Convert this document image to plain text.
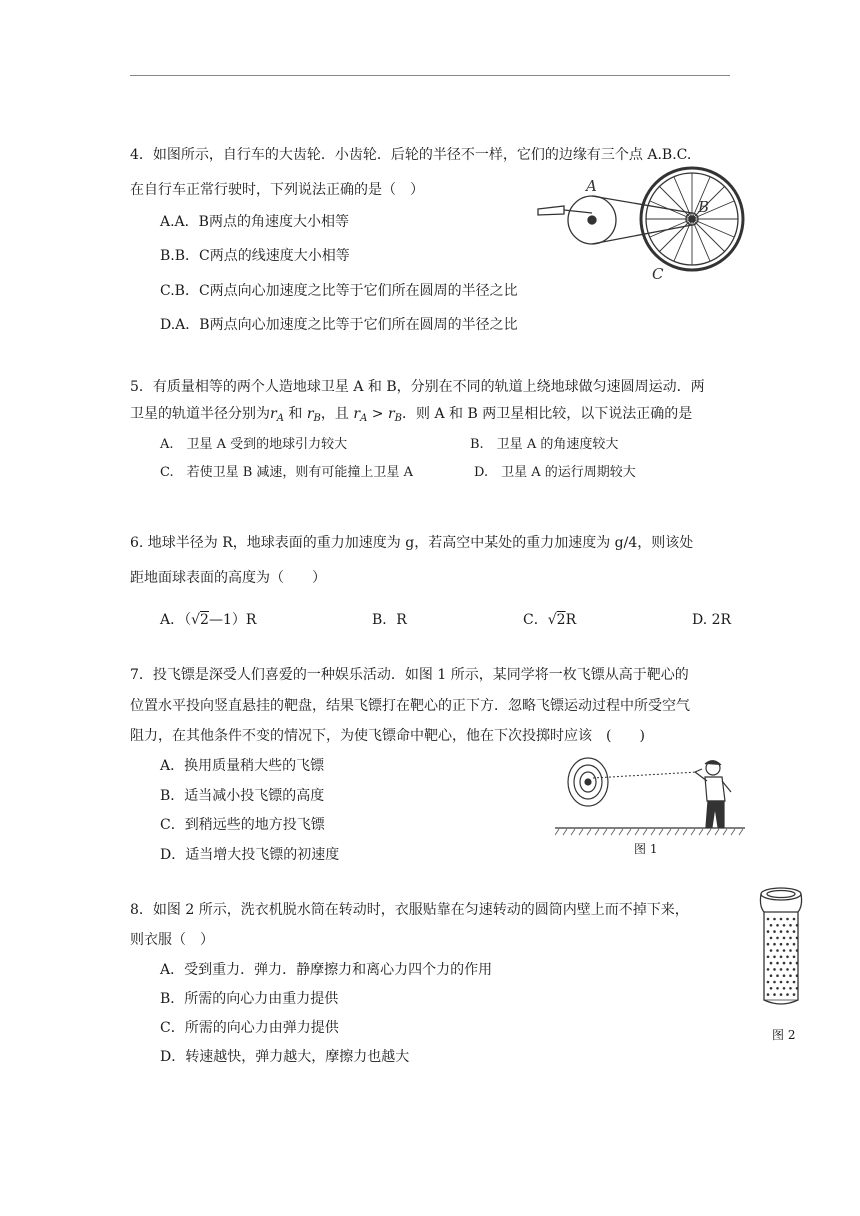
4．如图所示，自行车的大齿轮．小齿轮．后轮的半径不一样，它们的边缘有三个点 A.B.C.
在自行车正常行驶时，下列说法正确的是（　）
A.A．B两点的角速度大小相等
B.B．C两点的线速度大小相等
C.B．C两点向心加速度之比等于它们所在圆周的半径之比
D.A．B两点向心加速度之比等于它们所在圆周的半径之比
A
B
C
5．有质量相等的两个人造地球卫星 A 和 B，分别在不同的轨道上绕地球做匀速圆周运动．两
卫星的轨道半径分别为$r_A$ 和 $r_B$，且 $r_A > r_B$．则 A 和 B 两卫星相比较，以下说法正确的是
A.　卫星 A 受到的地球引力较大	B.　卫星 A 的角速度较大
C.　若使卫星 B 减速，则有可能撞上卫星 A	D.　卫星 A 的运行周期较大
6. 地球半径为 R，地球表面的重力加速度为 g，若高空中某处的重力加速度为 g/4，则该处
距地面球表面的高度为（　　）
A．（√2—1）R	B．R	C．√2R	D. 2R
7．投飞镖是深受人们喜爱的一种娱乐活动．如图 1 所示，某同学将一枚飞镖从高于靶心的
位置水平投向竖直悬挂的靶盘，结果飞镖打在靶心的正下方．忽略飞镖运动过程中所受空气
阻力，在其他条件不变的情况下，为使飞镖命中靶心，他在下次投掷时应该　(　　)
A．换用质量稍大些的飞镖
B．适当减小投飞镖的高度
C．到稍远些的地方投飞镖
D．适当增大投飞镖的初速度	图 1
8．如图 2 所示，洗衣机脱水筒在转动时，衣服贴靠在匀速转动的圆筒内壁上而不掉下来，
则衣服（　）
A．受到重力．弹力．静摩擦力和离心力四个力的作用
B．所需的向心力由重力提供
C．所需的向心力由弹力提供
D．转速越快，弹力越大，摩擦力也越大
图 2
